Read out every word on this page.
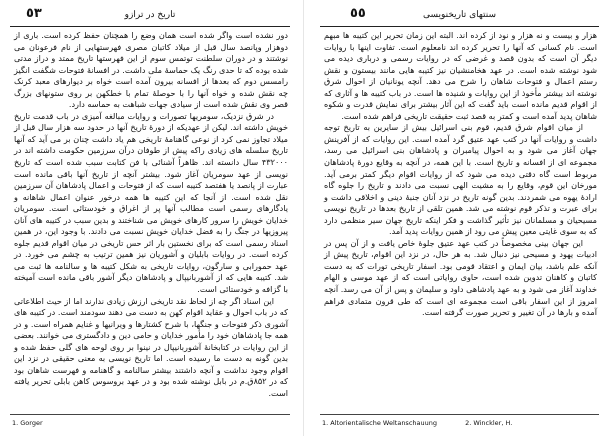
٥٣	تاريخ در ترازو

دور نشده است واگر شده است همان وضع را همچنان حفظ کرده است. باری از دوهزار وپانصد سال قبل از میلاد کاتبان مصری فهرستهایی از نام فرعونان می نوشتند و در دوران سلطنت توتمس سوم از این فهرستها تاریخ ممتد و دراز مدتی شده بوده که تا حدی رنگ یک حماسهٔ ملی داشت. در افسانهٔ فتوحات شگفت انگیز رامسس دوم که بعدها از افسانه بیرون آمده است خواه بر دیوارهای معبد کرنک چه نقش شده و خواه آنها را با حوصلهٔ تمام با خطکهن بر روی ستونهای بزرگ قصر وی نقش شده است از سیادی جهات شباهت به حماسه دارد.

در شرق نزدیک، سومریها تصورات و روایات مبالغه آمیزی در باب قدمت تاریخ خویش داشته اند. لیکن از عهدیکه از دورهٔ تاریخ آنها در حدود سه هزار سال قبل از میلاد تجاوز نمی کرد از نوعی گاهنامهٔ تاریخی هم یاد داشت چنان بر می آید که آنها تاریخ سلسله های زیادی راکه پیش از طوفان درآن سرزمین حکومت داشته اند در ۴۳۲۰۰۰ سال دانسته اند. ظاهراً آشنائی با فن کتابت سبب شده است که تاریخ نویسی از عهد سومریان آغاز شود. بیشتر آنچه از تاریخ آنها باقی مانده است عبارت از پانصد یا هفتصد کتیبه است که از فتوحات و اعمال پادشاهان آن سرزمین نقل شده است. از آنجا که این کتیبه ها همه درخور عنوان اعمال شاهانه و یادگارهای رسمی است مطالب آنها پر از اغراق و خودستائی است. سومریان خدایان خویش را سرور کارهای خویش می شناختند و بدین سبب در کتیبه های آنان پیروزیها در جنگ را به فضل خدایان خویش نسبت می دادند. با وجود این، در همین اسناد رسمی است که برای نخستین بار اثر حس تاریخی در میان اقوام قدیم جلوه کرده است. در روایات بابلیان و آشوریان نیز همین ترتیب به چشم می خورد. در عهد حمورابی و سارگون، روایات تاریخی به شکل کتیبه ها و سالنامه ها ثبت می شد. کتیبه هایی که از آشوربانیپال و پادشاهان دیگر آشور باقی مانده است آمیخته با گزافه و خودستائی است.

این اسناد اگر چه از لحاظ نقد تاریخی ارزش زیادی ندارند اما از حیث اطلاعاتی که در باب احوال و عقاید اقوام کهن به دست می دهند سودمند است. در کتیبه های آشوری ذکر فتوحات و جنگها، با شرح کشتارها و ویرانیها و غنایم همراه است. و در همه جا پادشاهان خود را مأمور خدایان و حامی دین و دادگستری می خوانند. بعضی از این روایات در کتابخانهٔ آشوربانیپال در نینوا بر روی لوحه های گلی حفظ شده و بدین گونه به دست ما رسیده است. اما تاریخ نویسی به معنی حقیقی در نزد این اقوام وجود نداشت و آنچه داشتند بیشتر سالنامه و گاهنامه و فهرست شاهان بود که در ۸۵۲ق.م در بابل نوشته شده بود و در عهد بروسوس کاهن بابلی تحریر یافته است.

1. Gorger
٥٥	سنتهای تاریخنویسی

هزار و بیست و نه هزار و نود از کرده اند. البته این زمان تحریر این کتیبه ها مبهم است. نام کسانی که آنها را تحریر کرده اند نامعلوم است. تفاوت اینها با روایات دیگر آن است که بدون قصد و غرضی که در روایات رسمی و درباری دیده می شود نوشته شده است. در عهد هخامنشیان نیز کتیبه هایی مانند بیستون و نقش رستم اعمال و فتوحات شاهان را شرح می دهد. آنچه یونانیان از احوال شرق نوشته اند بیشتر مأخوذ از این روایات و شنیده ها است. در باب کتیبه ها و آثاری که از اقوام قدیم مانده است باید گفت که این آثار بیشتر برای نمایش قدرت و شکوه شاهان پدید آمده است و کمتر به قصد ثبت حقیقت تاریخی فراهم شده است.

از میان اقوام شرق قدیم، قوم بنی اسرائیل بیش از سایرین به تاریخ توجه داشت و روایات آنها در کتب عهد عتیق گرد آمده است. این روایات که از آفرینش جهان آغاز می شود و به احوال پیامبران و پادشاهان بنی اسرائیل می رسد، مجموعه ای از افسانه و تاریخ است. با این همه، در آنچه به وقایع دورهٔ پادشاهان مربوط است گاه دقتی دیده می شود که از روایات اقوام دیگر کمتر برمی آید. مورخان این قوم، وقایع را به مشیت الهی نسبت می دادند و تاریخ را جلوه گاه ارادهٔ یهوه می شمردند. بدین گونه تاریخ در نزد آنان جنبهٔ دینی و اخلاقی داشت و برای عبرت و تذکر قوم نوشته می شد. همین تلقی از تاریخ بعدها در تاریخ نویسی مسیحیان و مسلمانان نیز تأثیر گذاشت و فکر اینکه تاریخ جهان سیر منظمی دارد که به سوی غایتی معین پیش می رود از همین روایات پدید آمد.

این جهان بینی مخصوصاً در کتب عهد عتیق جلوهٔ خاص یافت و از آن پس در ادبیات یهود و مسیحی نیز دنبال شد. به هر حال، در نزد این اقوام، تاریخ پیش از آنکه علم باشد، بیان ایمان و اعتقاد قومی بود. اسفار تاریخی تورات که به دست کاتبان و کاهنان تدوین شده است، حاوی روایاتی است که از عهد موسی و الهام خداوند آغاز می شود و به عهد پادشاهی داود و سلیمان و پس از آن می رسد. آنچه امروز از این اسفار باقی است مجموعه ای است که طی قرون متمادی فراهم آمده و بارها در آن تغییر و تحریر صورت گرفته است.

1. Altorientalische Weltanschauung	2. Winckler, H.
